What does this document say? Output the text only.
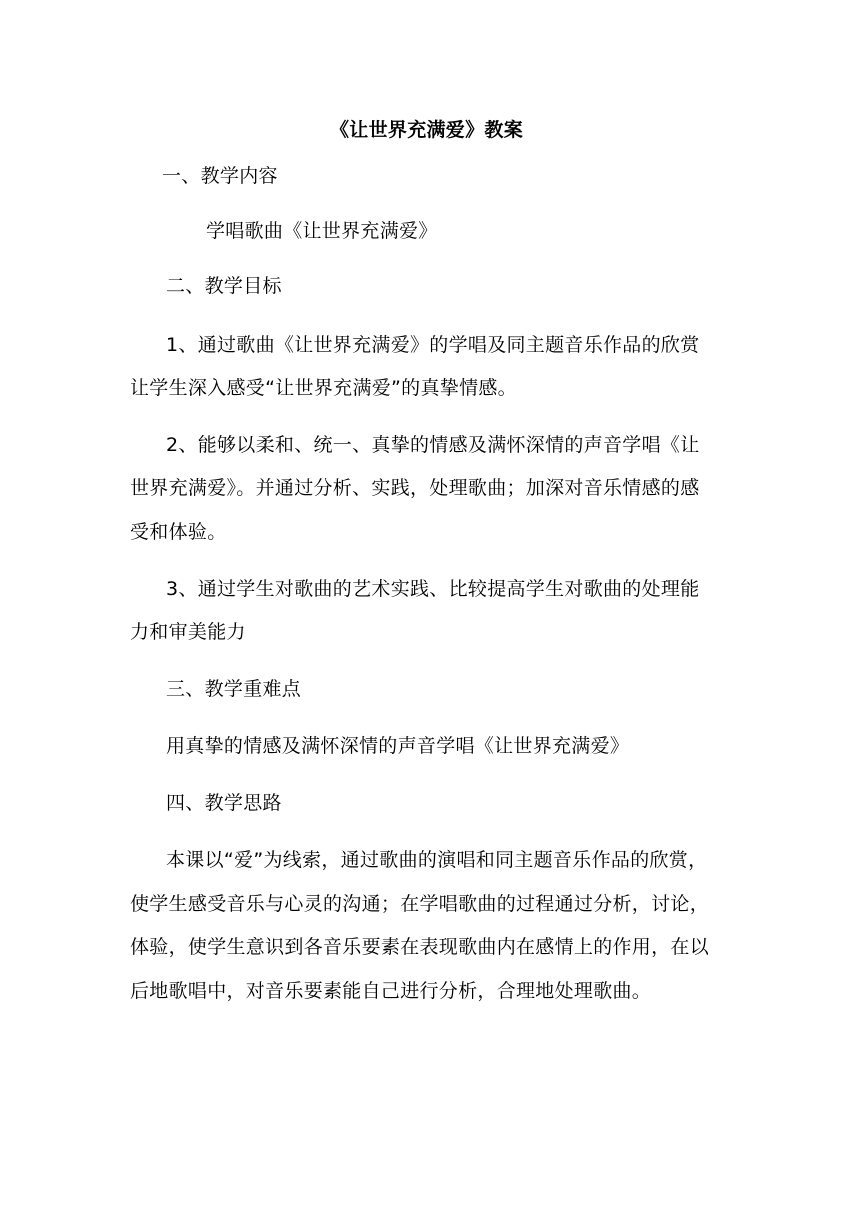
《让世界充满爱》教案
一、教学内容
学唱歌曲《让世界充满爱》
二、教学目标
1、通过歌曲《让世界充满爱》的学唱及同主题音乐作品的欣赏
让学生深入感受“让世界充满爱”的真挚情感。
2、能够以柔和、统一、真挚的情感及满怀深情的声音学唱《让
世界充满爱》。并通过分析、实践，处理歌曲；加深对音乐情感的感
受和体验。
3、通过学生对歌曲的艺术实践、比较提高学生对歌曲的处理能
力和审美能力
三、教学重难点
用真挚的情感及满怀深情的声音学唱《让世界充满爱》
四、教学思路
本课以“爱”为线索，通过歌曲的演唱和同主题音乐作品的欣赏，
使学生感受音乐与心灵的沟通；在学唱歌曲的过程通过分析，讨论，
体验，使学生意识到各音乐要素在表现歌曲内在感情上的作用，在以
后地歌唱中，对音乐要素能自己进行分析，合理地处理歌曲。
